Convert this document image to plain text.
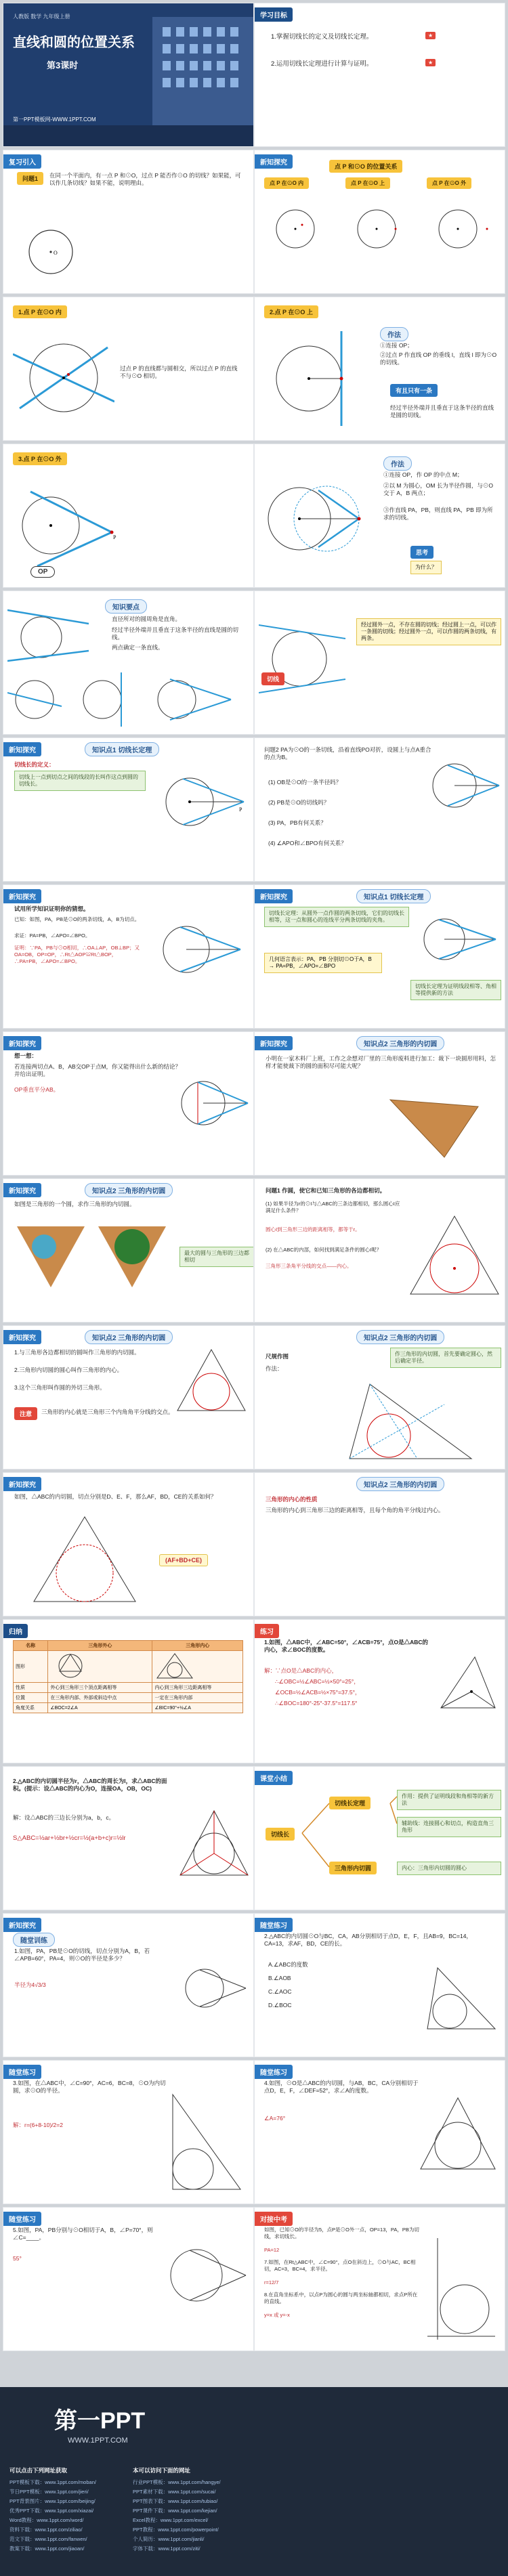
人教版 数学 九年级上册
直线和圆的位置关系
第3课时
第一PPT模板网-WWW.1PPT.COM
学习目标
1.掌握切线长的定义及切线长定理。
2.运用切线长定理进行计算与证明。
★
★
复习引入
问题1	在同一个平面内，有一点 P 和⊙O，过点 P 能否作⊙O 的切线？如果能，可以作几条切线？如果不能，说明理由。
O
新知探究	点 P 和⊙O 的位置关系
点 P 在⊙O 内	点 P 在⊙O 上	点 P 在⊙O 外
1.点 P 在⊙O 内
过点 P 的直线都与圆相交，所以过点 P 的直线不与⊙O 相切。
2.点 P 在⊙O 上
作法
①连接 OP；
②过点 P 作直线 OP 的垂线 l，直线 l 即为⊙O 的切线。
有且只有一条
经过半径外端并且垂直于这条半径的直线是圆的切线。
3.点 P 在⊙O 外
P
OP
作法
①连接 OP，作 OP 的中点 M；
②以 M 为圆心，OM 长为半径作圆，与⊙O 交于 A，B 两点；
③作直线 PA，PB，则直线 PA，PB 即为所求的切线。
思考
为什么？
知识要点
直径所对的圆周角是直角。
经过半径外端并且垂直于这条半径的直线是圆的切线。
两点确定一条直线。
切线
经过圆外一点，不存在圆的切线；经过圆上一点，可以作一条圆的切线；经过圆外一点，可以作圆的两条切线，有两条。
新知探究	知识点1 切线长定理
切线长的定义：
切线上一点到切点之间的线段的长叫作这点到圆的切线长。
P
问题2 PA为⊙O的一条切线，沿着直线PO对折，设圆上与点A重合的点为B。
(1) OB是⊙O的一条半径吗？
(2) PB是⊙O的切线吗？
(3) PA，PB有何关系？
(4) ∠APO和∠BPO有何关系？
新知探究
试用所学知识证明你的猜想。
已知：如图，PA，PB是⊙O的两条切线，A，B为切点。
求证：PA=PB，∠APO=∠BPO。
证明：∵PA，PB与⊙O相切，∴OA⊥AP，OB⊥BP；又OA=OB，OP=OP，∴Rt△AOP≌Rt△BOP，∴PA=PB，∠APO=∠BPO。
新知探究	知识点1 切线长定理
切线长定理：从圆外一点作圆的两条切线，它们的切线长相等，这一点和圆心的连线平分两条切线的夹角。
几何语言表示：PA，PB 分别切⊙O于A，B → PA=PB，∠APO=∠BPO
切线长定理为证明线段相等、角相等提供新的方法
新知探究
想一想：
若连接两切点A、B，AB交OP于点M，你又能得出什么新的结论？并给出证明。
OP垂直平分AB。
新知探究	知识点2 三角形的内切圆
小明在一家木料厂上班，工作之余想对厂里的三角形废料进行加工：裁下一块圆形用料，怎样才能使裁下的圆的面积尽可能大呢？
新知探究	知识点2 三角形的内切圆
如图是三角形的一个圆，求作三角形的内切圆。
最大的圆与三角形的三边都相切
问题1 作圆，使它和已知三角形的各边都相切。
(1) 如果半径为r的⊙I与△ABC的三条边都相切，那么圆心I应满足什么条件？
圆心I到三角形三边的距离相等，都等于r。
(2) 在△ABC的内部，如何找到满足条件的圆心I呢？
三角形三条角平分线的交点——内心。
新知探究	知识点2 三角形的内切圆
1.与三角形各边都相切的圆叫作三角形的内切圆。
2.三角形内切圆的圆心叫作三角形的内心。
3.这个三角形叫作圆的外切三角形。
注意	三角形的内心就是三角形三个内角角平分线的交点。
知识点2 三角形的内切圆
尺规作图
作法：
作三角形的内切圆，首先要确定圆心，然后确定半径。
新知探究
如图，△ABC的内切圆，切点分别是D、E、F，那么AF，BD，CE的关系如何？
(AF+BD+CE)
知识点2 三角形的内切圆
三角形的内心的性质
三角形的内心到三角形三边的距离相等，且每个角的角平分线过内心。
归纳
名称	三角形外心	三角形内心
图形		
性质	外心到三角形三个顶点距离相等	内心到三角形三边距离相等
位置	在三角形内部、外部或斜边中点	一定在三角形内部
角度关系	∠BOC=2∠A	∠BIC=90°+½∠A
练习
1.如图，△ABC中，∠ABC=50°，∠ACB=75°，点O是△ABC的内心，求∠BOC的度数。
解：
∵点O是△ABC的内心，
∴∠OBC=½∠ABC=½×50°=25°，
∠OCB=½∠ACB=½×75°=37.5°，
∴∠BOC=180°-25°-37.5°=117.5°
2.△ABC的内切圆半径为r，△ABC的周长为l，求△ABC的面积。(提示：设△ABC的内心为O，连接OA，OB，OC)
解：设△ABC的三边长分别为a，b，c。
S△ABC=½ar+½br+½cr=½(a+b+c)r=½lr
课堂小结
切线长
切线长定理
三角形内切圆
作用：提供了证明线段和角相等的新方法
辅助线：连接圆心和切点，构造直角三角形
内心：三角形内切圆的圆心
新知探究
随堂训练
1.如图，PA，PB是⊙O的切线，切点分别为A，B，若∠APB=60°，PA=4，则⊙O的半径是多少？
半径为4√3/3
随堂练习
2.△ABC的内切圆⊙O与BC，CA，AB分别相切于点D，E，F，且AB=9，BC=14，CA=13，求AF，BD，CE的长。
A.∠ABC的度数
B.∠AOB
C.∠AOC
D.∠BOC
随堂练习
3.如图，在△ABC中，∠C=90°，AC=6，BC=8，⊙O为内切圆，求⊙O的半径。
解：r=(6+8-10)/2=2
随堂练习
4.如图，⊙O是△ABC的内切圆，与AB，BC，CA分别相切于点D，E，F，∠DEF=52°，求∠A的度数。
∠A=76°
随堂练习
5.如图，PA，PB分别与⊙O相切于A，B，∠P=70°，则∠C=____。
55°
对接中考
如图，已知⊙O的半径为5，点P是⊙O外一点，OP=13，PA，PB为切线，求切线长。
PA=12
7.如图，在Rt△ABC中，∠C=90°，点O在斜边上，⊙O与AC，BC相切，AC=3，BC=4，求半径。
r=12/7
8.在直角坐标系中，以点P为圆心的圆与两坐标轴都相切，求点P所在的直线。
y=x 或 y=-x
第一PPT
WWW.1PPT.COM
可以点击下列网址获取	本可以访问下面的网址
PPT模板下载：www.1ppt.com/moban/
节日PPT模板：www.1ppt.com/jieri/
PPT背景图片：www.1ppt.com/beijing/
优秀PPT下载：www.1ppt.com/xiazai/
Word教程：www.1ppt.com/word/
资料下载：www.1ppt.com/ziliao/
范文下载：www.1ppt.com/fanwen/
教案下载：www.1ppt.com/jiaoan/
行业PPT模板：www.1ppt.com/hangye/
PPT素材下载：www.1ppt.com/sucai/
PPT图表下载：www.1ppt.com/tubiao/
PPT课件下载：www.1ppt.com/kejian/
Excel教程：www.1ppt.com/excel/
PPT教程：www.1ppt.com/powerpoint/
个人简历：www.1ppt.com/jianli/
字体下载：www.1ppt.com/ziti/
